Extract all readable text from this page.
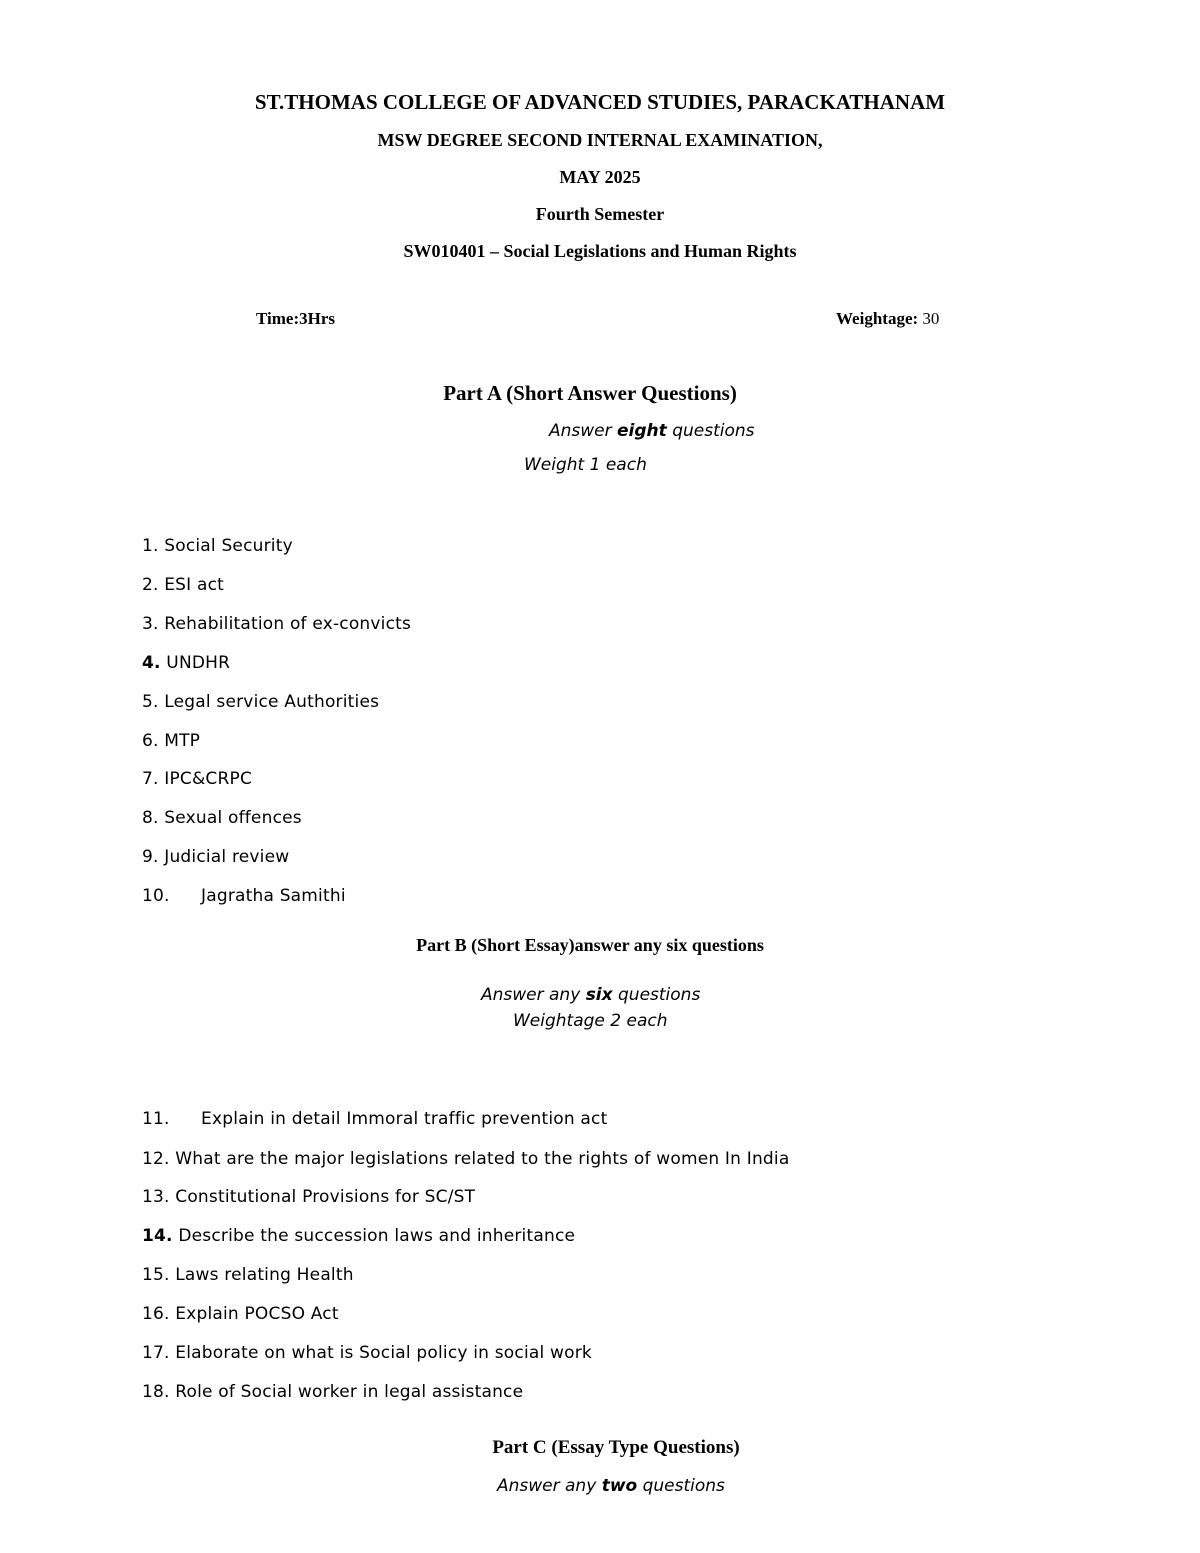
ST.THOMAS COLLEGE OF ADVANCED STUDIES, PARACKATHANAM
MSW DEGREE SECOND INTERNAL EXAMINATION,
MAY 2025
Fourth Semester
SW010401 – Social Legislations and Human Rights
Time:3Hrs	Weightage: 30
Part A (Short Answer Questions)
Answer eight questions
Weight 1 each
1. Social Security
2. ESI act
3. Rehabilitation of ex-convicts
4. UNDHR
5. Legal service Authorities
6. MTP
7. IPC&CRPC
8. Sexual offences
9. Judicial review
10. Jagratha Samithi
Part B (Short Essay)answer any six questions
Answer any six questions
Weightage 2 each
11. Explain in detail Immoral traffic prevention act
12. What are the major legislations related to the rights of women In India
13. Constitutional Provisions for SC/ST
14. Describe the succession laws and inheritance
15. Laws relating Health
16. Explain POCSO Act
17. Elaborate on what is Social policy in social work
18. Role of Social worker in legal assistance
Part C (Essay Type Questions)
Answer any two questions
